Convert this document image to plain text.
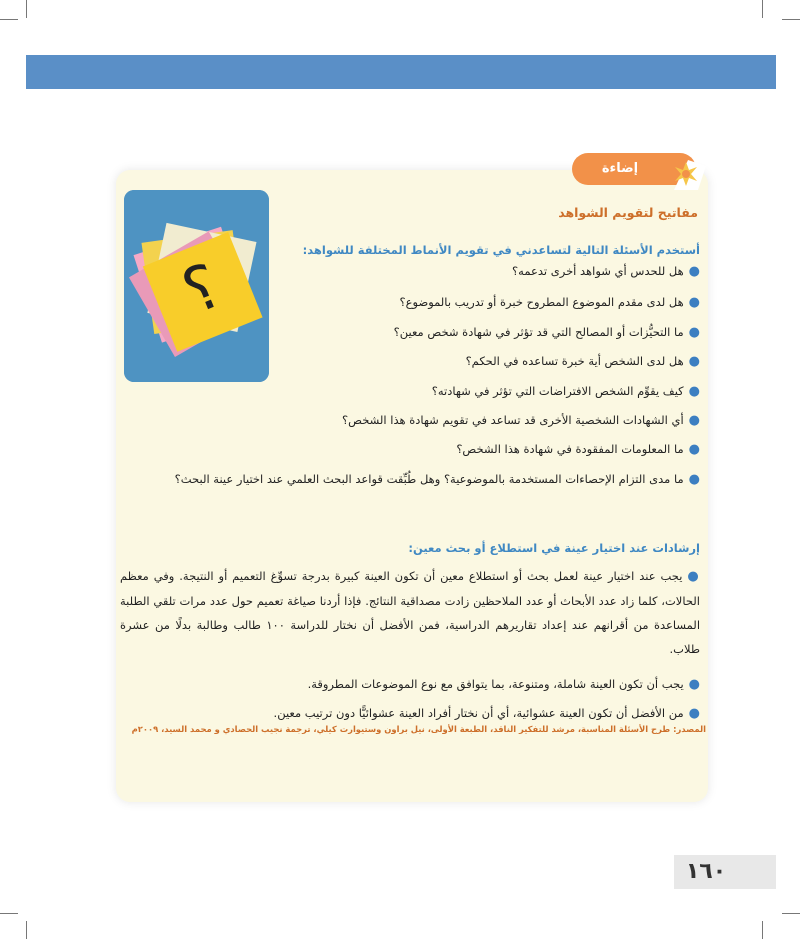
إضاءة
مفاتيح لتقويم الشواهد
؟	أستخدم الأسئلة التالية لتساعدني في تقويم الأنماط المختلفة للشواهد:
●هل للحدس أي شواهد أخرى تدعمه؟
●هل لدى مقدم الموضوع المطروح خبرة أو تدريب بالموضوع؟
●ما التحيُّزات أو المصالح التي قد تؤثر في شهادة شخص معين؟
●هل لدى الشخص أية خبرة تساعده في الحكم؟
●كيف يقوِّم الشخص الافتراضات التي تؤثر في شهادته؟
●أي الشهادات الشخصية الأخرى قد تساعد في تقويم شهادة هذا الشخص؟
●ما المعلومات المفقودة في شهادة هذا الشخص؟
●ما مدى التزام الإحصاءات المستخدمة بالموضوعية؟ وهل طُبِّقت قواعد البحث العلمي عند اختيار عينة البحث؟
إرشادات عند اختيار عينة في استطلاع أو بحث معين:
●يجب عند اختيار عينة لعمل بحث أو استطلاع معين أن تكون العينة كبيرة بدرجة تسوِّغ التعميم أو النتيجة. وفي معظم الحالات، كلما زاد عدد الأبحاث أو عدد الملاحظين زادت مصداقية النتائج. فإذا أردنا صياغة تعميم حول عدد مرات تلقي الطلبة المساعدة من أقرانهم عند إعداد تقاريرهم الدراسية، فمن الأفضل أن نختار للدراسة ١٠٠ طالب وطالبة بدلًا من عشرة طلاب.
●يجب أن تكون العينة شاملة، ومتنوعة، بما يتوافق مع نوع الموضوعات المطروقة.
●من الأفضل أن تكون العينة عشوائية، أي أن نختار أفراد العينة عشوائيًّا دون ترتيب معين.
المصدر: طرح الأسئلة المناسبة، مرشد للتفكير الناقد، الطبعة الأولى، نيل براون وستيوارت كيلي، ترجمة نجيب الحصادي و محمد السيد، ٢٠٠٩م
١٦٠
